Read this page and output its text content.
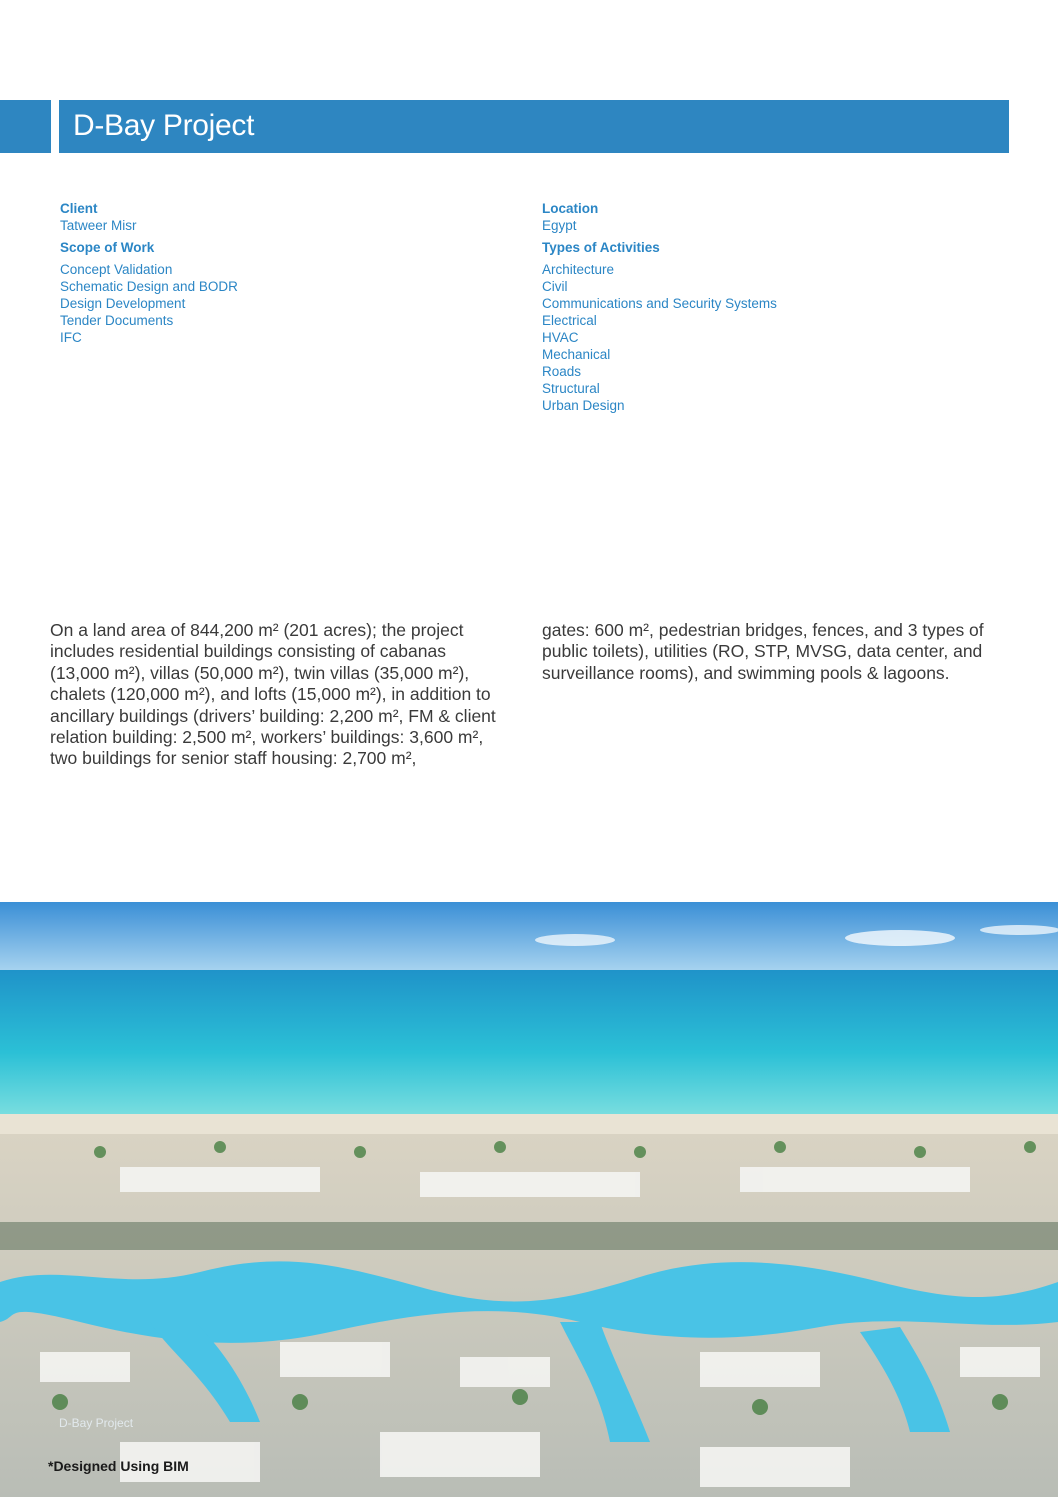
D-Bay Project
Client
Tatweer Misr
Scope of Work
Concept Validation
Schematic Design and BODR
Design Development
Tender Documents
IFC
Location
Egypt
Types of Activities
Architecture
Civil
Communications and Security Systems
Electrical
HVAC
Mechanical
Roads
Structural
Urban Design
On a land area of 844,200 m² (201 acres); the project includes residential buildings consisting of cabanas (13,000 m²), villas (50,000 m²), twin villas (35,000 m²), chalets (120,000 m²), and lofts (15,000 m²), in addition to ancillary buildings (drivers’ building: 2,200 m², FM & client relation building: 2,500 m², workers’ buildings: 3,600 m², two buildings for senior staff housing: 2,700 m²,
gates: 600 m², pedestrian bridges, fences, and 3 types of public toilets), utilities (RO, STP, MVSG, data center, and surveillance rooms), and swimming pools & lagoons.
D-Bay Project
*Designed Using BIM
